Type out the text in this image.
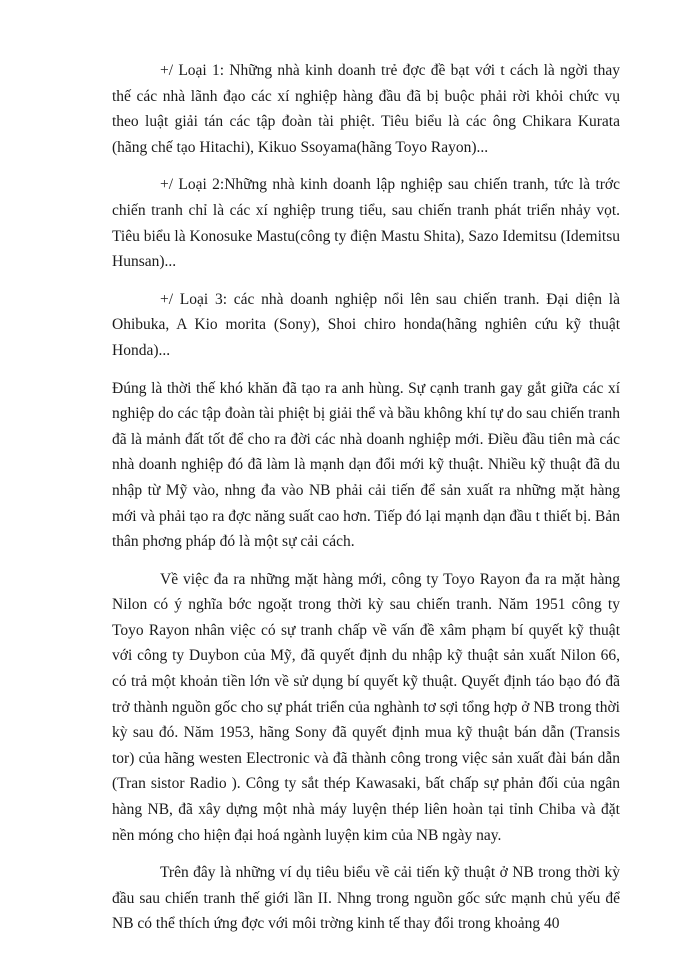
+/ Loại 1: Những nhà kinh doanh trẻ đợc đề bạt với t cách là ngời thay thế các nhà lãnh đạo các xí nghiệp hàng đầu đã bị buộc phải rời khỏi chức vụ theo luật giải tán các tập đoàn tài phiệt. Tiêu biểu là các ông Chikara Kurata (hãng chế tạo Hitachi), Kikuo Ssoyama(hãng Toyo Rayon)...

+/ Loại 2:Những nhà kinh doanh lập nghiệp sau chiến tranh, tức là trớc chiến tranh chỉ là các xí nghiệp trung tiểu, sau chiến tranh phát triển nhảy vọt. Tiêu biểu là Konosuke Mastu(công ty điện Mastu Shita), Sazo Idemitsu (Idemitsu Hunsan)...

+/ Loại 3: các nhà doanh nghiệp nổi lên sau chiến tranh. Đại diện là Ohibuka, A Kio morita (Sony), Shoi chiro honda(hãng nghiên cứu kỹ thuật Honda)...

Đúng là thời thế khó khăn đã tạo ra anh hùng. Sự cạnh tranh gay gắt giữa các xí nghiệp do các tập đoàn tài phiệt bị giải thể và bầu không khí tự do sau chiến tranh đã là mảnh đất tốt để cho ra đời các nhà doanh nghiệp mới. Điều đầu tiên mà các nhà doanh nghiệp đó đã làm là mạnh dạn đổi mới kỹ thuật. Nhiều kỹ thuật đã du nhập từ Mỹ vào, nhng đa vào NB phải cải tiến để sản xuất ra những mặt hàng mới và phải tạo ra đợc năng suất cao hơn. Tiếp đó lại mạnh dạn đầu t thiết bị. Bản thân phơng pháp đó là một sự cải cách.

Về việc đa ra những mặt hàng mới, công ty Toyo Rayon đa ra mặt hàng Nilon có ý nghĩa bớc ngoặt trong thời kỳ sau chiến tranh. Năm 1951 công ty Toyo Rayon nhân việc có sự tranh chấp về vấn đề xâm phạm bí quyết kỹ thuật với công ty Duybon của Mỹ, đã quyết định du nhập kỹ thuật sản xuất Nilon 66, có trả một khoản tiền lớn về sử dụng bí quyết kỹ thuật. Quyết định táo bạo đó đã trở thành nguồn gốc cho sự phát triển của nghành tơ sợi tổng hợp ở NB trong thời kỳ sau đó. Năm 1953, hãng Sony đã quyết định mua kỹ thuật bán dẫn (Transis tor) của hãng westen Electronic và đã thành công trong việc sản xuất đài bán dẫn (Tran sistor Radio ). Công ty sắt thép Kawasaki, bất chấp sự phản đối của ngân hàng NB, đã xây dựng một nhà máy luyện thép liên hoàn tại tỉnh Chiba và đặt nền móng cho hiện đại hoá ngành luyện kim của NB ngày nay.

Trên đây là những ví dụ tiêu biểu về cải tiến kỹ thuật ở NB trong thời kỳ đầu sau chiến tranh thế giới lần II. Nhng trong nguồn gốc sức mạnh chủ yếu để NB có thể thích ứng đợc với môi trờng kinh tế thay đổi trong khoảng 40
